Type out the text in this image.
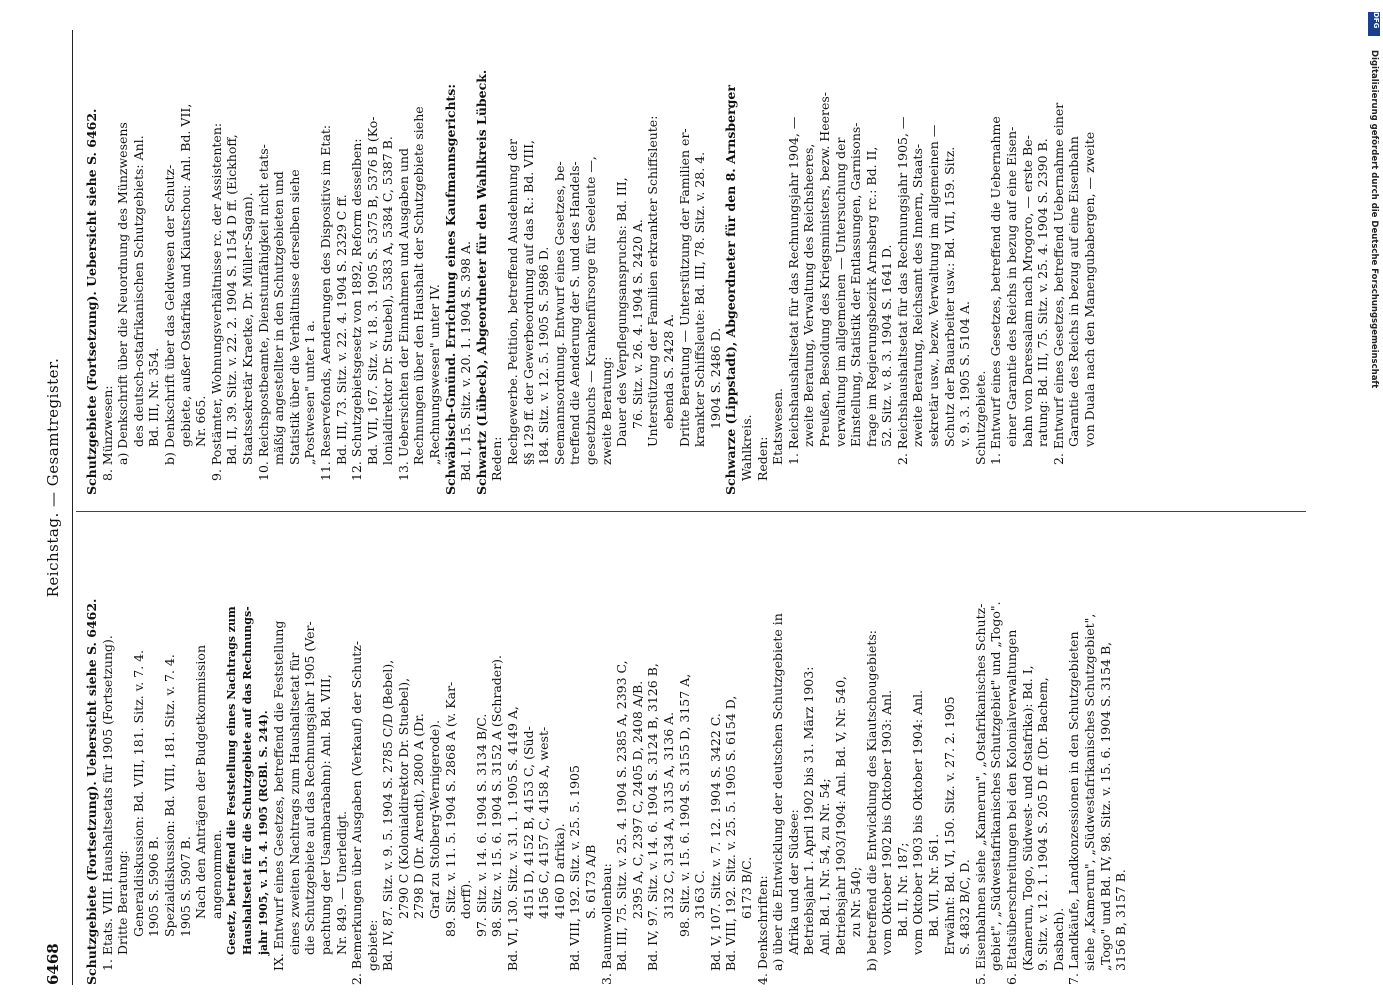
6468
Reichstag. — Gesamtregister.
Schutzgebiete (Fortsetzung). Uebersicht siehe S. 6462. 1. Etats. VIII. Haushaltsetats für 1905 (Fortsetzung). Dritte Beratung: Generaldiskussion: Bd. VIII, 181. Sitz. v. 7. 4. 1905 S. 5906 B. Spezialdiskussion: Bd. VIII, 181. Sitz. v. 7. 4. 1905 S. 5907 B. Nach den Anträgen der Budgetkommission angenommen. Gesetz, betreffend die Feststellung eines Nachtrags zum Haushaltsetat für die Schutzgebiete auf das Rechnungs- jahr 1905, v. 15. 4. 1905 (RGBl. S. 244). IX. Entwurf eines Gesetzes, betreffend die Feststellung eines zweiten Nachtrags zum Haushaltsetat für die Schutzgebiete auf das Rechnungsjahr 1905 (Ver- pachtung der Usambarabahn): Anl. Bd. VIII, Nr. 849. — Unerledigt. 2. Bemerkungen über Ausgaben (Verkauf) der Schutz- gebiete: Bd. IV, 87. Sitz. v. 9. 5. 1904 S. 2785 C/D (Bebel), 2790 C (Kolonialdirektor Dr. Stuebel), 2798 D (Dr. Arendt), 2800 A (Dr. Graf zu Stolberg-Wernigerode). 89. Sitz. v. 11. 5. 1904 S. 2868 A (v. Kar- dorff). 97. Sitz. v. 14. 6. 1904 S. 3134 B/C. 98. Sitz. v. 15. 6. 1904 S. 3152 A (Schrader). Bd. VI, 130. Sitz. v. 31. 1. 1905 S. 4149 A, 4151 D, 4152 B, 4153 C, (Süd- 4156 C, 4157 C, 4158 A, west- 4160 D afrika). Bd. VIII, 192. Sitz. v. 25. 5. 1905 S. 6173 A/B 3. Baumwollenbau: Bd. III, 75. Sitz. v. 25. 4. 1904 S. 2385 A, 2393 C, 2395 A, C, 2397 C, 2405 D, 2408 A/B. Bd. IV, 97. Sitz. v. 14. 6. 1904 S. 3124 B, 3126 B, 3132 C, 3134 A, 3135 A, 3136 A. 98. Sitz. v. 15. 6. 1904 S. 3155 D, 3157 A, 3163 C. Bd. V, 107. Sitz. v. 7. 12. 1904 S. 3422 C. Bd. VIII, 192. Sitz. v. 25. 5. 1905 S. 6154 D, 6173 B/C. 4. Denkschriften: a) über die Entwicklung der deutschen Schutzgebiete in Afrika und der Südsee: Betriebsjahr 1. April 1902 bis 31. März 1903: Anl. Bd. I, Nr. 54, zu Nr. 54; Betriebsjahr 1903/1904: Anl. Bd. V, Nr. 540, zu Nr. 540; b) betreffend die Entwicklung des Kiautschougebiets: vom Oktober 1902 bis Oktober 1903: Anl. Bd. II, Nr. 187; vom Oktober 1903 bis Oktober 1904: Anl. Bd. VII, Nr. 561. Erwähnt: Bd. VI, 150. Sitz. v. 27. 2. 1905 S. 4832 B/C, D. 5. Eisenbahnen siehe „Kamerun", „Ostafrikanisches Schutz- gebiet", „Südwestafrikanisches Schutzgebiet" und „Togo". 6. Etatsüberschreitungen bei den Kolonialverwaltungen (Kamerun, Togo, Südwest- und Ostafrika): Bd. I, 9. Sitz. v. 12. 1. 1904 S. 205 D ff. (Dr. Bachem, Dasbach). 7. Landkäufe, Landkonzessionen in den Schutzgebieten siehe „Kamerun", „Südwestafrikanisches Schutzgebiet", „Togo" und Bd. IV, 98. Sitz. v. 15. 6. 1904 S. 3154 B, 3156 B, 3157 B.
Schutzgebiete (Fortsetzung). Uebersicht siehe S. 6462. 8. Münzwesen: a) Denkschrift über die Neuordnung des Münzwesens des deutsch-ostafrikanischen Schutzgebiets: Anl. Bd. III, Nr. 354. b) Denkschrift über das Geldwesen der Schutz- gebiete, außer Ostafrika und Kiautschou: Anl. Bd. VII, Nr. 665. 9. Postämter, Wohnungsverhältnisse rc. der Assistenten: Bd. II, 39. Sitz. v. 22. 2. 1904 S. 1154 D ff. (Eickhoff, Staatssekretär Kraetke, Dr. Müller-Sagan). 10. Reichspostbeamte, Dienstunfähigkeit nicht etats- mäßig angestellter in den Schutzgebieten und Statistik über die Verhältnisse derselben siehe „Postwesen" unter 1 a. 11. Reservefonds, Aenderungen des Dispositivs im Etat: Bd. III, 73. Sitz. v. 22. 4. 1904 S. 2329 C ff. 12. Schutzgebietsgesetz von 1892, Reform desselben: Bd. VII, 167. Sitz. v. 18. 3. 1905 S. 5375 B, 5376 B (Ko- lonialdirektor Dr. Stuebel), 5383 A, 5384 C, 5387 B. 13. Uebersichten der Einnahmen und Ausgaben und Rechnungen über den Haushalt der Schutzgebiete siehe „Rechnungswesen" unter IV. Schwäbisch-Gmünd. Errichtung eines Kaufmannsgerichts: Bd. I, 15. Sitz. v. 20. 1. 1904 S. 398 A. Schwartz (Lübeck), Abgeordneter für den Wahlkreis Lübeck. Reden: Rechgewerbe. Petition, betreffend Ausdehnung der §§ 129 ff. der Gewerbeordnung auf das R.: Bd. VIII, 184. Sitz. v. 12. 5. 1905 S. 5986 D. Seemannsordnung. Entwurf eines Gesetzes, be- treffend die Aenderung der S. und des Handels- gesetzbuchs — Krankenfürsorge für Seeleute —, zweite Beratung: Dauer des Verpflegungsanspruchs: Bd. III, 76. Sitz. v. 26. 4. 1904 S. 2420 A. Unterstützung der Familien erkrankter Schiffsleute: ebenda S. 2428 A. Dritte Beratung — Unterstützung der Familien er- krankter Schiffsleute: Bd. III, 78. Sitz. v. 28. 4. 1904 S. 2486 D. Schwarze (Lippstadt), Abgeordneter für den 8. Arnsberger Wahlkreis. Reden: Etatswesen. 1. Reichshaushaltsetat für das Rechnungsjahr 1904, — zweite Beratung, Verwaltung des Reichsheeres, Preußen, Besoldung des Kriegsministers, bezw. Heeres- verwaltung im allgemeinen — Untersuchung der Einstellung, Statistik der Entlassungen, Garnisons- frage im Regierungsbezirk Arnsberg rc.: Bd. II, 52. Sitz. v. 8. 3. 1904 S. 1641 D. 2. Reichshaushaltsetat für das Rechnungsjahr 1905, — zweite Beratung, Reichsamt des Innern, Staats- sekretär usw., bezw. Verwaltung im allgemeinen — Schutz der Bauarbeiter usw.: Bd. VII, 159. Sitz. v. 9. 3. 1905 S. 5104 A. Schutzgebiete. 1. Entwurf eines Gesetzes, betreffend die Uebernahme einer Garantie des Reichs in bezug auf eine Eisen- bahn von Daressalam nach Mrogoro, — erste Be- ratung: Bd. III, 75. Sitz. v. 25. 4. 1904 S. 2390 B. 2. Entwurf eines Gesetzes, betreffend Uebernahme einer Garantie des Reichs in bezug auf eine Eisenbahn von Duala nach den Manengubabergen, — zweite
DFG
Digitalisierung gefördert durch die Deutsche Forschungsgemeinschaft
